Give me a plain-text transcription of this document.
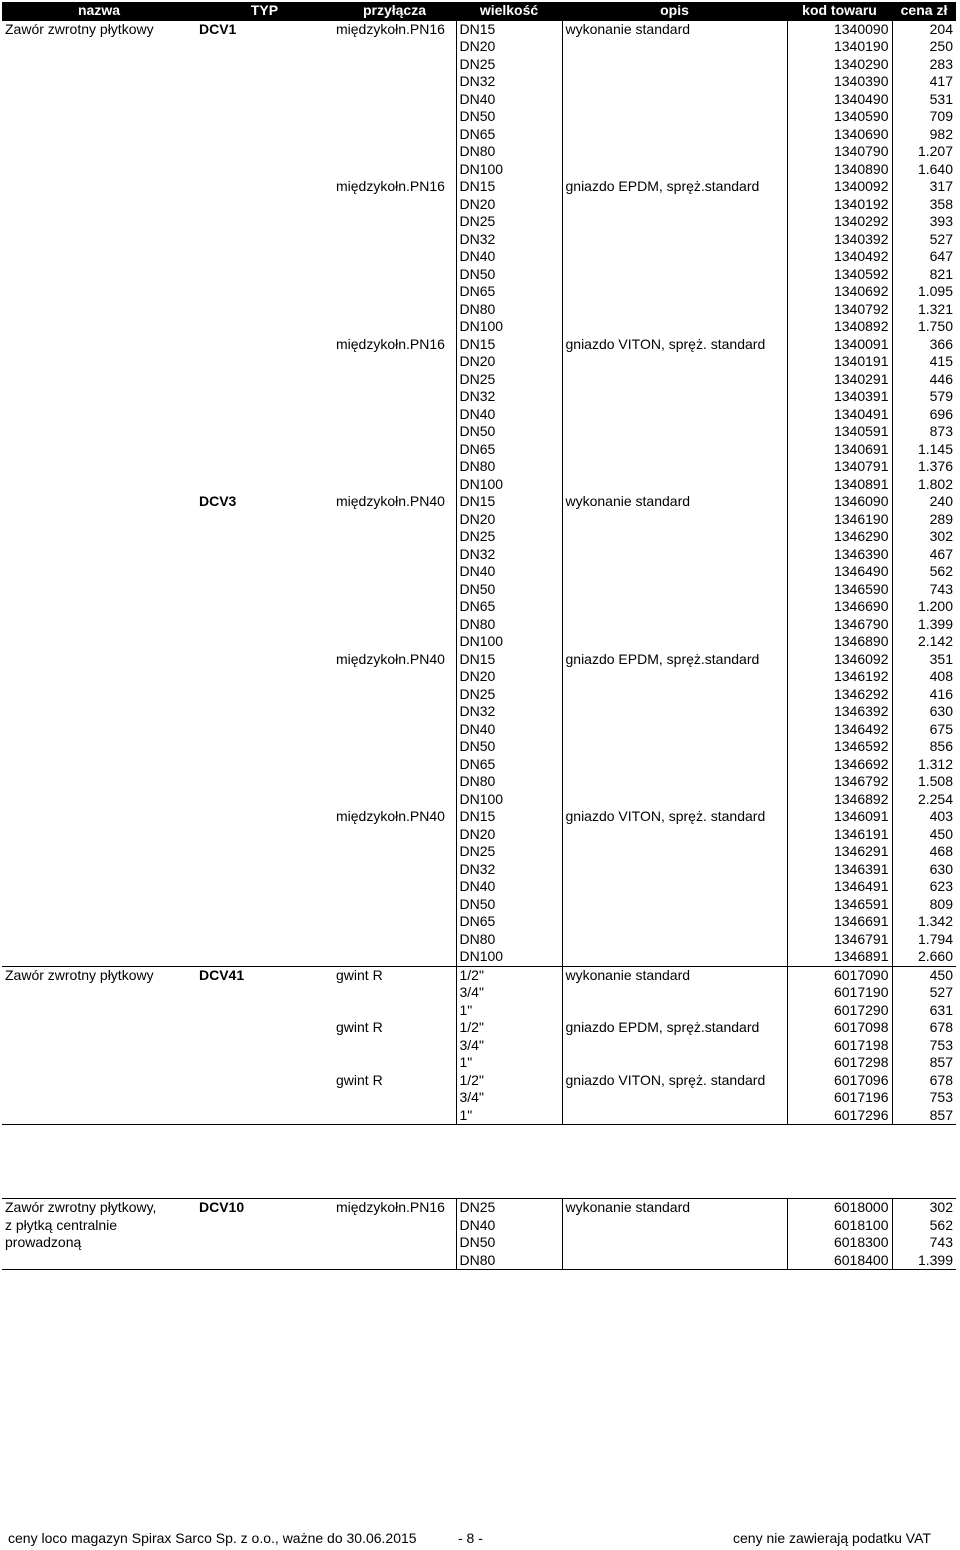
nazwa	TYP	przyłącza	wielkość	opis	kod towaru	cena zł
Zawór zwrotny płytkowy	DCV1	międzykołn.PN16	DN15	wykonanie standard	1340090	204
			DN20		1340190	250
			DN25		1340290	283
			DN32		1340390	417
			DN40		1340490	531
			DN50		1340590	709
			DN65		1340690	982
			DN80		1340790	1.207
			DN100		1340890	1.640
		międzykołn.PN16	DN15	gniazdo EPDM, spręż.standard	1340092	317
			DN20		1340192	358
			DN25		1340292	393
			DN32		1340392	527
			DN40		1340492	647
			DN50		1340592	821
			DN65		1340692	1.095
			DN80		1340792	1.321
			DN100		1340892	1.750
		międzykołn.PN16	DN15	gniazdo VITON, spręż. standard	1340091	366
			DN20		1340191	415
			DN25		1340291	446
			DN32		1340391	579
			DN40		1340491	696
			DN50		1340591	873
			DN65		1340691	1.145
			DN80		1340791	1.376
			DN100		1340891	1.802
	DCV3	międzykołn.PN40	DN15	wykonanie standard	1346090	240
			DN20		1346190	289
			DN25		1346290	302
			DN32		1346390	467
			DN40		1346490	562
			DN50		1346590	743
			DN65		1346690	1.200
			DN80		1346790	1.399
			DN100		1346890	2.142
		międzykołn.PN40	DN15	gniazdo EPDM, spręż.standard	1346092	351
			DN20		1346192	408
			DN25		1346292	416
			DN32		1346392	630
			DN40		1346492	675
			DN50		1346592	856
			DN65		1346692	1.312
			DN80		1346792	1.508
			DN100		1346892	2.254
		międzykołn.PN40	DN15	gniazdo VITON, spręż. standard	1346091	403
			DN20		1346191	450
			DN25		1346291	468
			DN32		1346391	630
			DN40		1346491	623
			DN50		1346591	809
			DN65		1346691	1.342
			DN80		1346791	1.794
			DN100		1346891	2.660
Zawór zwrotny płytkowy	DCV41	gwint R	1/2"	wykonanie standard	6017090	450
			3/4"		6017190	527
			1"		6017290	631
		gwint R	1/2"	gniazdo EPDM, spręż.standard	6017098	678
			3/4"		6017198	753
			1"		6017298	857
		gwint R	1/2"	gniazdo VITON, spręż. standard	6017096	678
			3/4"		6017196	753
			1"		6017296	857
Zawór zwrotny płytkowy,	DCV10	międzykołn.PN16	DN25	wykonanie standard	6018000	302
z płytką centralnie			DN40		6018100	562
prowadzoną			DN50		6018300	743
			DN80		6018400	1.399
ceny loco magazyn Spirax Sarco Sp. z o.o., ważne do 30.06.2015	- 8 -	ceny nie zawierają podatku VAT
